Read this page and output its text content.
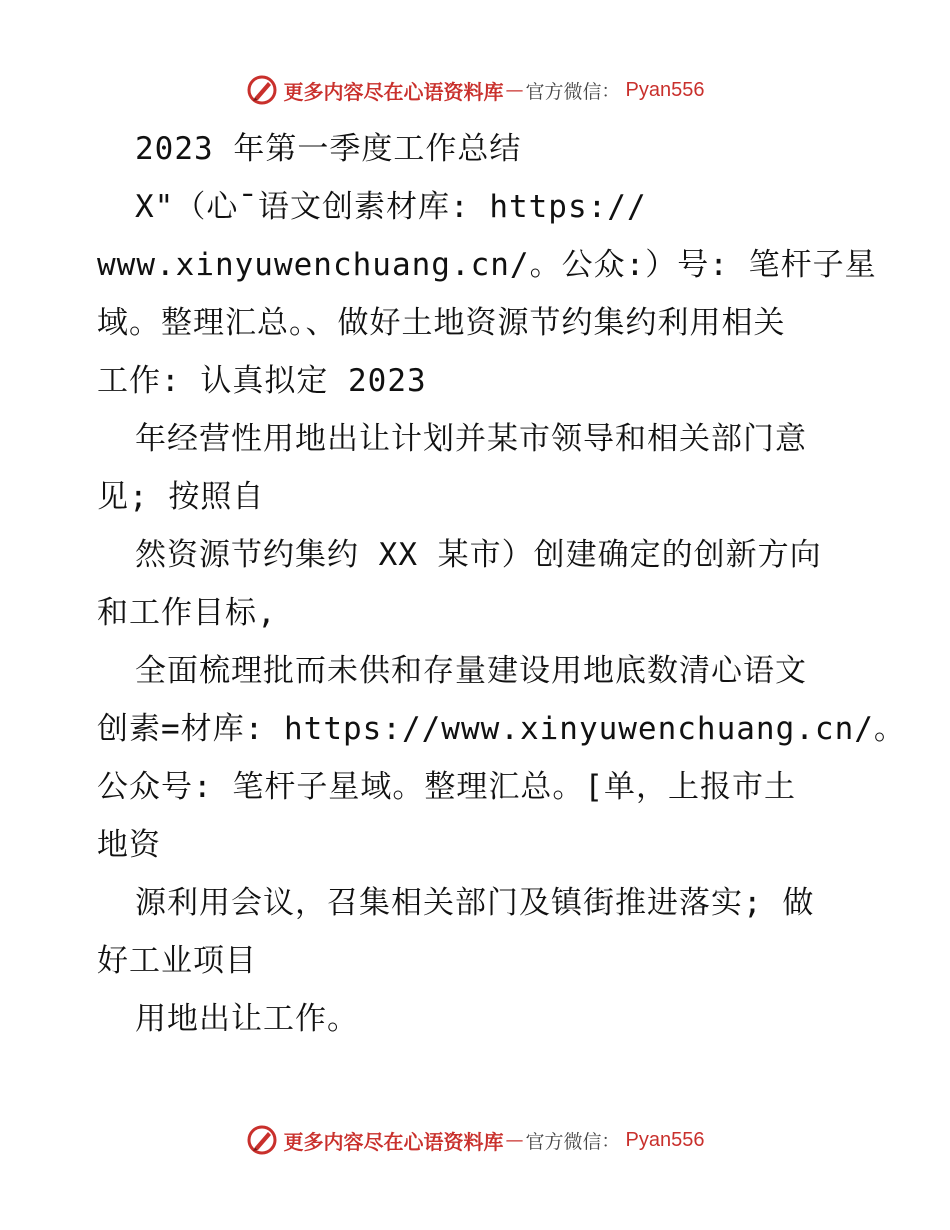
更多内容尽在心语资料库 — 官方微信 ： Pyan556
2023 年第一季度工作总结
X"（心¯语文创素材库: https://
www.xinyuwenchuang.cn/。公众:）号: 笔杆子星
域。整理汇总。、做好土地资源节约集约利用相关
工作: 认真拟定 2023
年经营性用地出让计划并某市领导和相关部门意
见; 按照自
然资源节约集约 XX 某市）创建确定的创新方向
和工作目标,
全面梳理批而未供和存量建设用地底数清心语文
创素=材库: https://www.xinyuwenchuang.cn/。
公众号: 笔杆子星域。整理汇总。[单，上报市土
地资
源利用会议，召集相关部门及镇街推进落实; 做
好工业项目
用地出让工作。
更多内容尽在心语资料库 — 官方微信 ： Pyan556
